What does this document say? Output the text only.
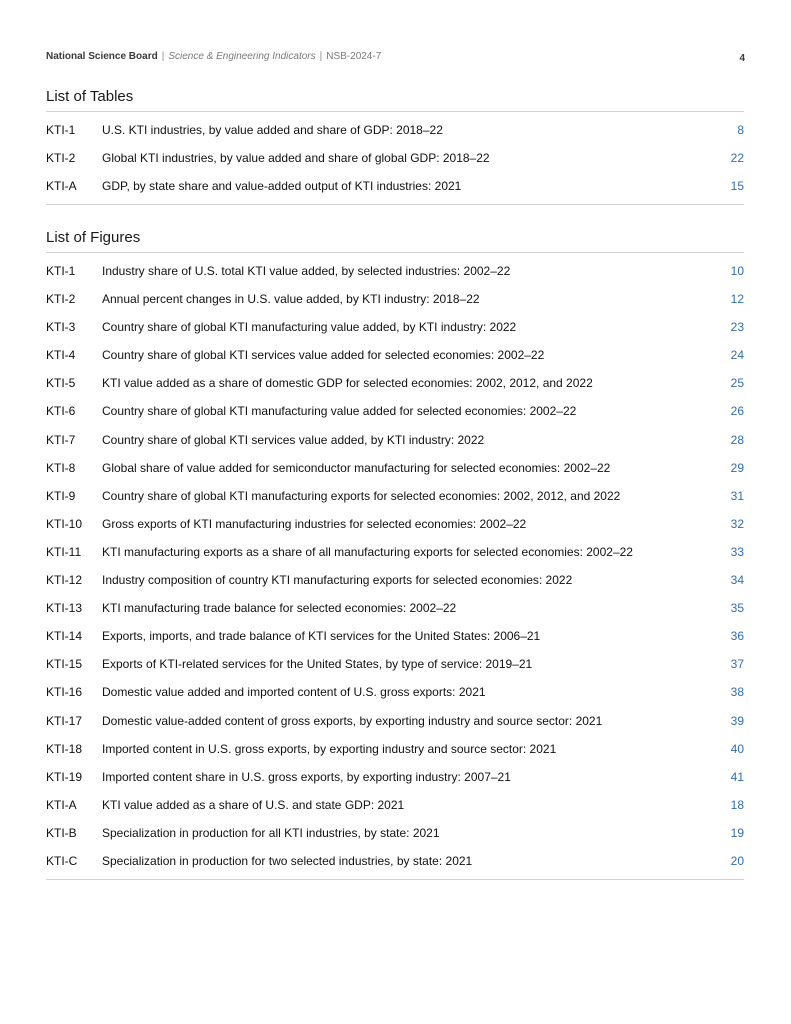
National Science Board | Science & Engineering Indicators | NSB-2024-7	4
List of Tables
KTI-1	U.S. KTI industries, by value added and share of GDP: 2018–22	8
KTI-2	Global KTI industries, by value added and share of global GDP: 2018–22	22
KTI-A	GDP, by state share and value-added output of KTI industries: 2021	15
List of Figures
KTI-1	Industry share of U.S. total KTI value added, by selected industries: 2002–22	10
KTI-2	Annual percent changes in U.S. value added, by KTI industry: 2018–22	12
KTI-3	Country share of global KTI manufacturing value added, by KTI industry: 2022	23
KTI-4	Country share of global KTI services value added for selected economies: 2002–22	24
KTI-5	KTI value added as a share of domestic GDP for selected economies: 2002, 2012, and 2022	25
KTI-6	Country share of global KTI manufacturing value added for selected economies: 2002–22	26
KTI-7	Country share of global KTI services value added, by KTI industry: 2022	28
KTI-8	Global share of value added for semiconductor manufacturing for selected economies: 2002–22	29
KTI-9	Country share of global KTI manufacturing exports for selected economies: 2002, 2012, and 2022	31
KTI-10	Gross exports of KTI manufacturing industries for selected economies: 2002–22	32
KTI-11	KTI manufacturing exports as a share of all manufacturing exports for selected economies: 2002–22	33
KTI-12	Industry composition of country KTI manufacturing exports for selected economies: 2022	34
KTI-13	KTI manufacturing trade balance for selected economies: 2002–22	35
KTI-14	Exports, imports, and trade balance of KTI services for the United States: 2006–21	36
KTI-15	Exports of KTI-related services for the United States, by type of service: 2019–21	37
KTI-16	Domestic value added and imported content of U.S. gross exports: 2021	38
KTI-17	Domestic value-added content of gross exports, by exporting industry and source sector: 2021	39
KTI-18	Imported content in U.S. gross exports, by exporting industry and source sector: 2021	40
KTI-19	Imported content share in U.S. gross exports, by exporting industry: 2007–21	41
KTI-A	KTI value added as a share of U.S. and state GDP: 2021	18
KTI-B	Specialization in production for all KTI industries, by state: 2021	19
KTI-C	Specialization in production for two selected industries, by state: 2021	20
